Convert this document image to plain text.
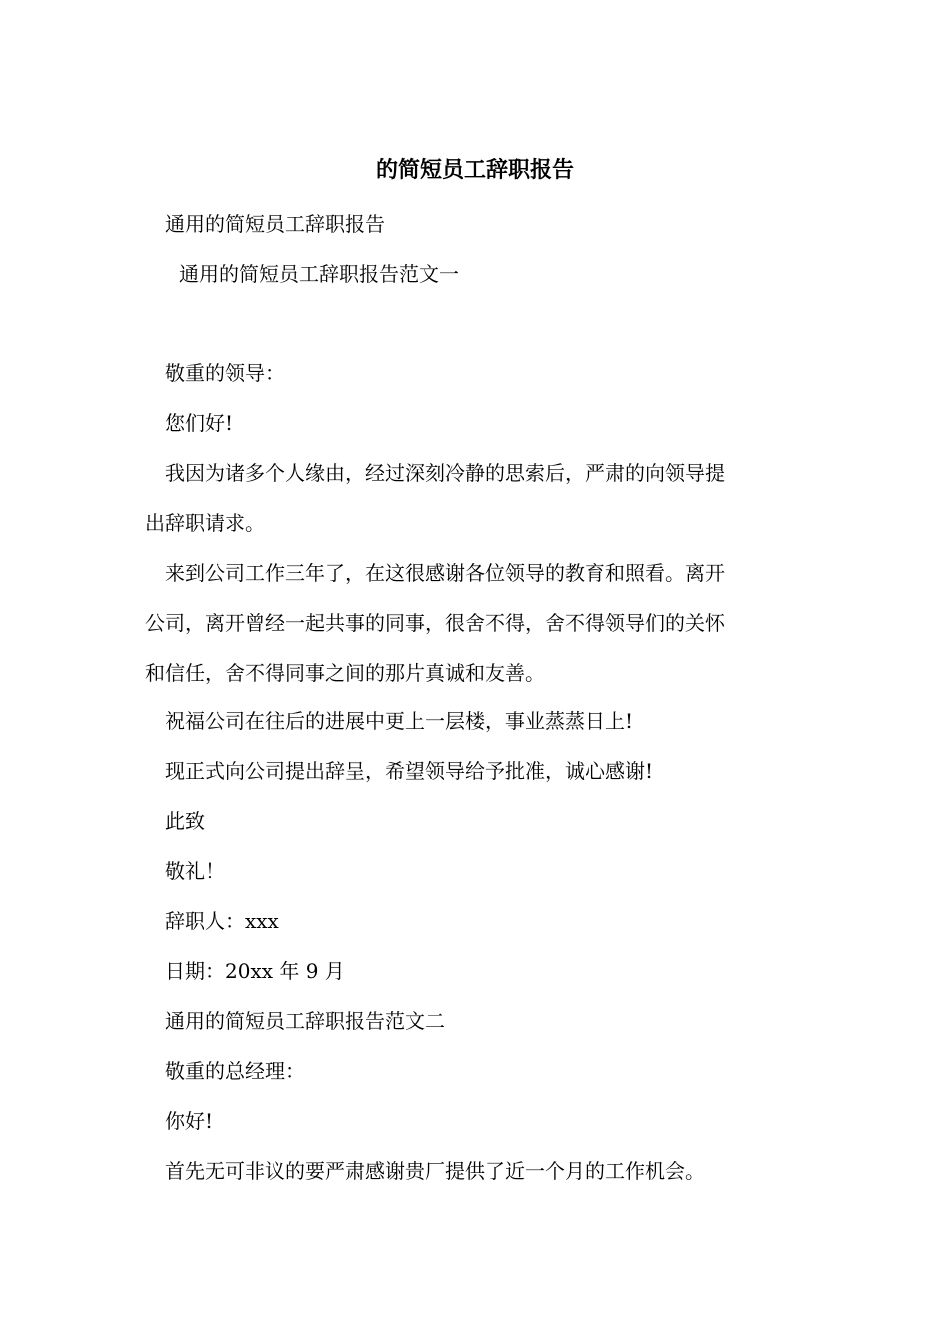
的简短员工辞职报告
通用的简短员工辞职报告
通用的简短员工辞职报告范文一
敬重的领导：
您们好!
我因为诸多个人缘由，经过深刻冷静的思索后，严肃的向领导提
出辞职请求。
来到公司工作三年了，在这很感谢各位领导的教育和照看。离开
公司，离开曾经一起共事的同事，很舍不得，舍不得领导们的关怀
和信任，舍不得同事之间的那片真诚和友善。
祝福公司在往后的进展中更上一层楼，事业蒸蒸日上!
现正式向公司提出辞呈，希望领导给予批准，诚心感谢!
此致
敬礼！
辞职人：xxx
日期：20xx 年 9 月
通用的简短员工辞职报告范文二
敬重的总经理：
你好!
首先无可非议的要严肃感谢贵厂提供了近一个月的工作机会。
